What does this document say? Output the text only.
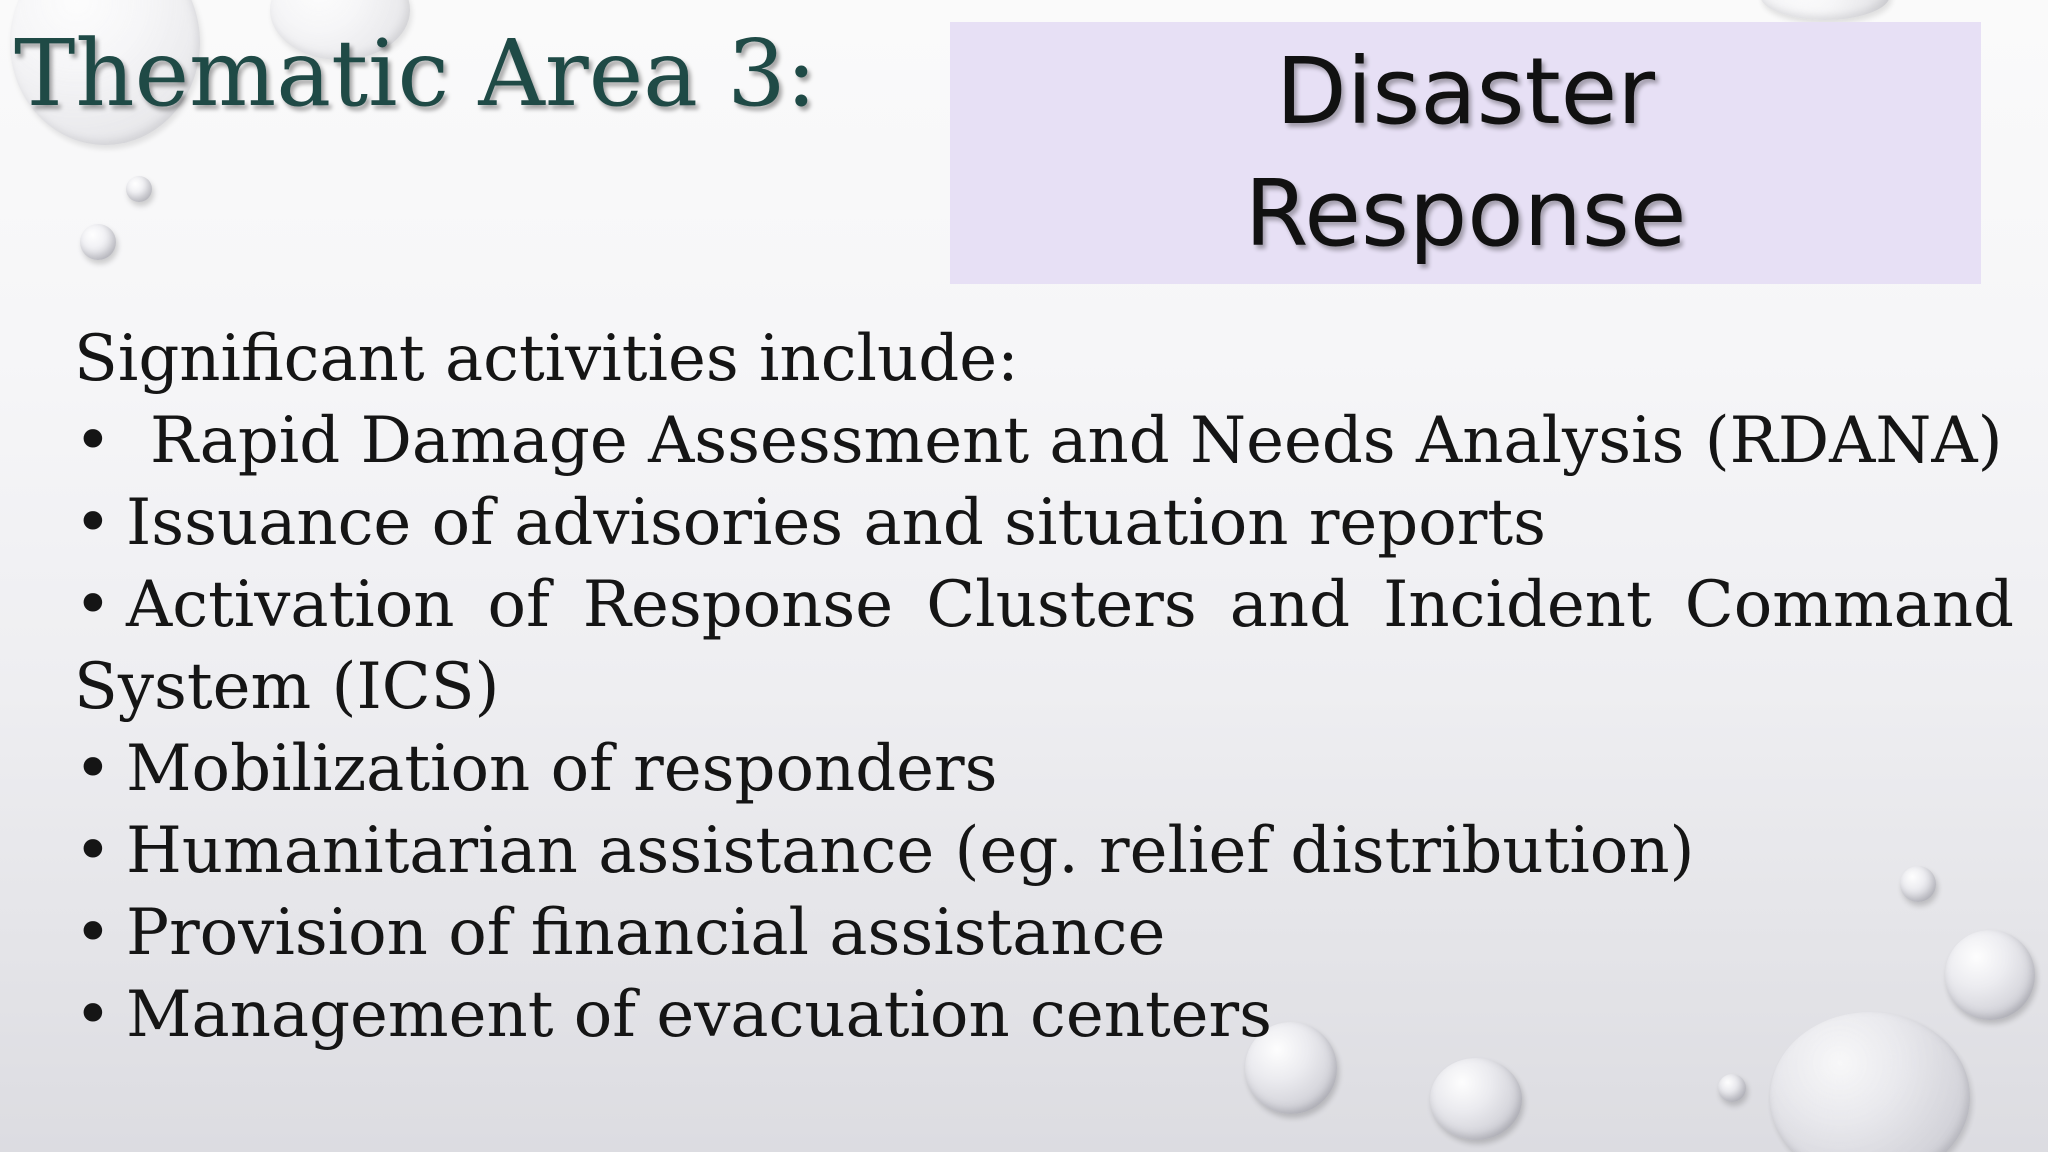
Thematic Area 3:	Disaster
Response
Significant activities include:
• Rapid Damage Assessment and Needs Analysis (RDANA)
• Issuance of advisories and situation reports
• Activation of Response Clusters and Incident Command System (ICS)
• Mobilization of responders
• Humanitarian assistance (eg. relief distribution)
• Provision of financial assistance
• Management of evacuation centers
